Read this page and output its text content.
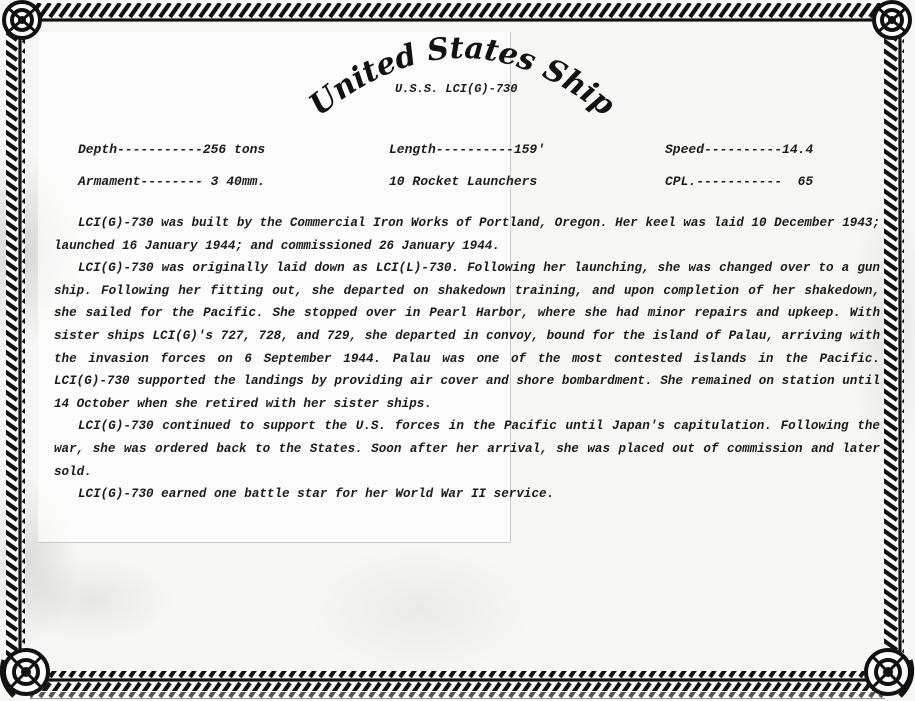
United States Ship
U.S.S. LCI(G)-730
Depth-----------256 tons	Length----------159'	Speed----------14.4
Armament-------- 3 40mm.	10 Rocket Launchers	CPL.-----------  65

LCI(G)-730 was built by the Commercial Iron Works of Portland, Oregon. Her keel was laid 10 December 1943; launched 16 January 1944; and commissioned 26 January 1944.

LCI(G)-730 was originally laid down as LCI(L)-730. Following her launching, she was changed over to a gun ship. Following her fitting out, she departed on shakedown training, and upon completion of her shakedown, she sailed for the Pacific. She stopped over in Pearl Harbor, where she had minor repairs and upkeep. With sister ships LCI(G)'s 727, 728, and 729, she departed in convoy, bound for the island of Palau, arriving with the invasion forces on 6 September 1944. Palau was one of the most contested islands in the Pacific. LCI(G)-730 supported the landings by providing air cover and shore bombardment. She remained on station until 14 October when she retired with her sister ships.

LCI(G)-730 continued to support the U.S. forces in the Pacific until Japan's capitulation. Following the war, she was ordered back to the States. Soon after her arrival, she was placed out of commission and later sold.

LCI(G)-730 earned one battle star for her World War II service.
